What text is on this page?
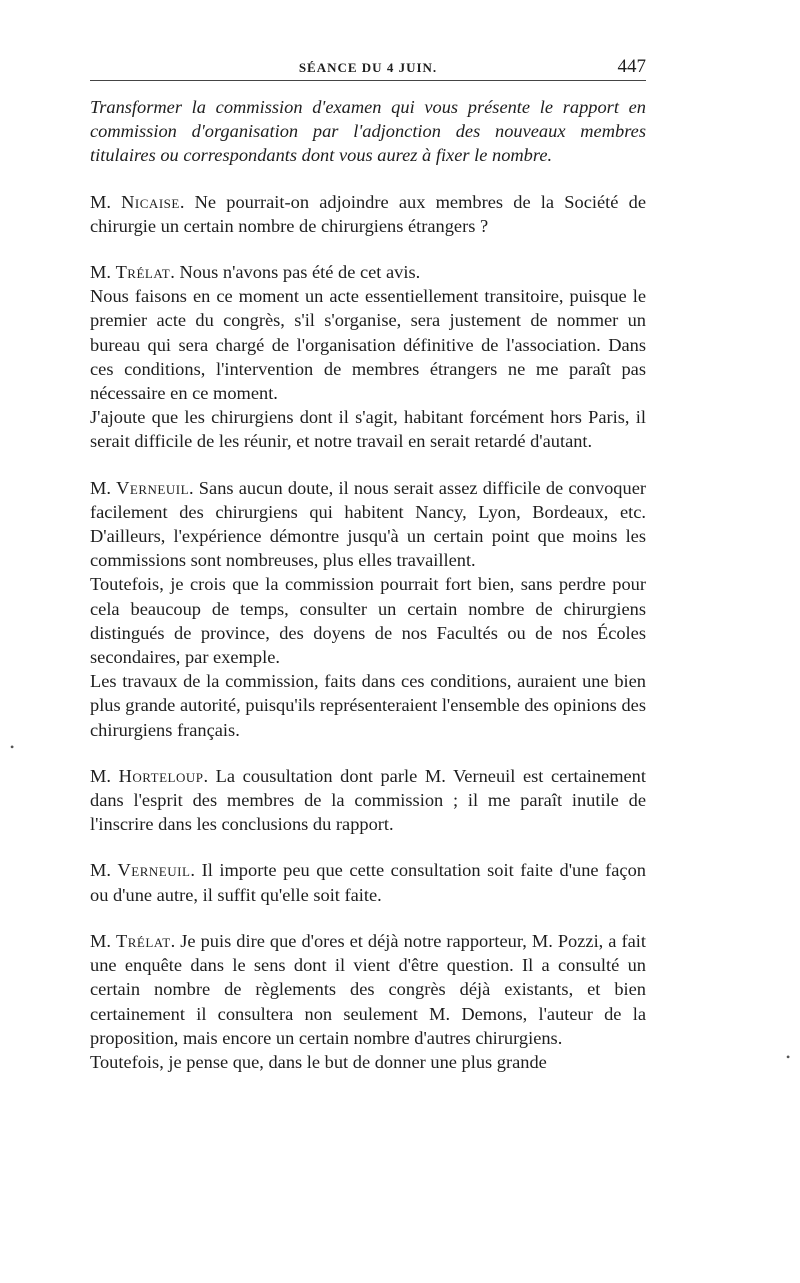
SÉANCE DU 4 JUIN.	447

Transformer la commission d'examen qui vous présente le rapport en commission d'organisation par l'adjonction des nouveaux membres titulaires ou correspondants dont vous aurez à fixer le nombre.

M. Nicaise. Ne pourrait-on adjoindre aux membres de la Société de chirurgie un certain nombre de chirurgiens étrangers ?

M. Trélat. Nous n'avons pas été de cet avis.

Nous faisons en ce moment un acte essentiellement transitoire, puisque le premier acte du congrès, s'il s'organise, sera justement de nommer un bureau qui sera chargé de l'organisation définitive de l'association. Dans ces conditions, l'intervention de membres étrangers ne me paraît pas nécessaire en ce moment.

J'ajoute que les chirurgiens dont il s'agit, habitant forcément hors Paris, il serait difficile de les réunir, et notre travail en serait retardé d'autant.

M. Verneuil. Sans aucun doute, il nous serait assez difficile de convoquer facilement des chirurgiens qui habitent Nancy, Lyon, Bordeaux, etc. D'ailleurs, l'expérience démontre jusqu'à un certain point que moins les commissions sont nombreuses, plus elles travaillent.

Toutefois, je crois que la commission pourrait fort bien, sans perdre pour cela beaucoup de temps, consulter un certain nombre de chirurgiens distingués de province, des doyens de nos Facultés ou de nos Écoles secondaires, par exemple.

Les travaux de la commission, faits dans ces conditions, auraient une bien plus grande autorité, puisqu'ils représenteraient l'ensemble des opinions des chirurgiens français.

M. Horteloup. La cousultation dont parle M. Verneuil est certainement dans l'esprit des membres de la commission ; il me paraît inutile de l'inscrire dans les conclusions du rapport.

M. Verneuil. Il importe peu que cette consultation soit faite d'une façon ou d'une autre, il suffit qu'elle soit faite.

M. Trélat. Je puis dire que d'ores et déjà notre rapporteur, M. Pozzi, a fait une enquête dans le sens dont il vient d'être question. Il a consulté un certain nombre de règlements des congrès déjà existants, et bien certainement il consultera non seulement M. Demons, l'auteur de la proposition, mais encore un certain nombre d'autres chirurgiens.

Toutefois, je pense que, dans le but de donner une plus grande

•
•
